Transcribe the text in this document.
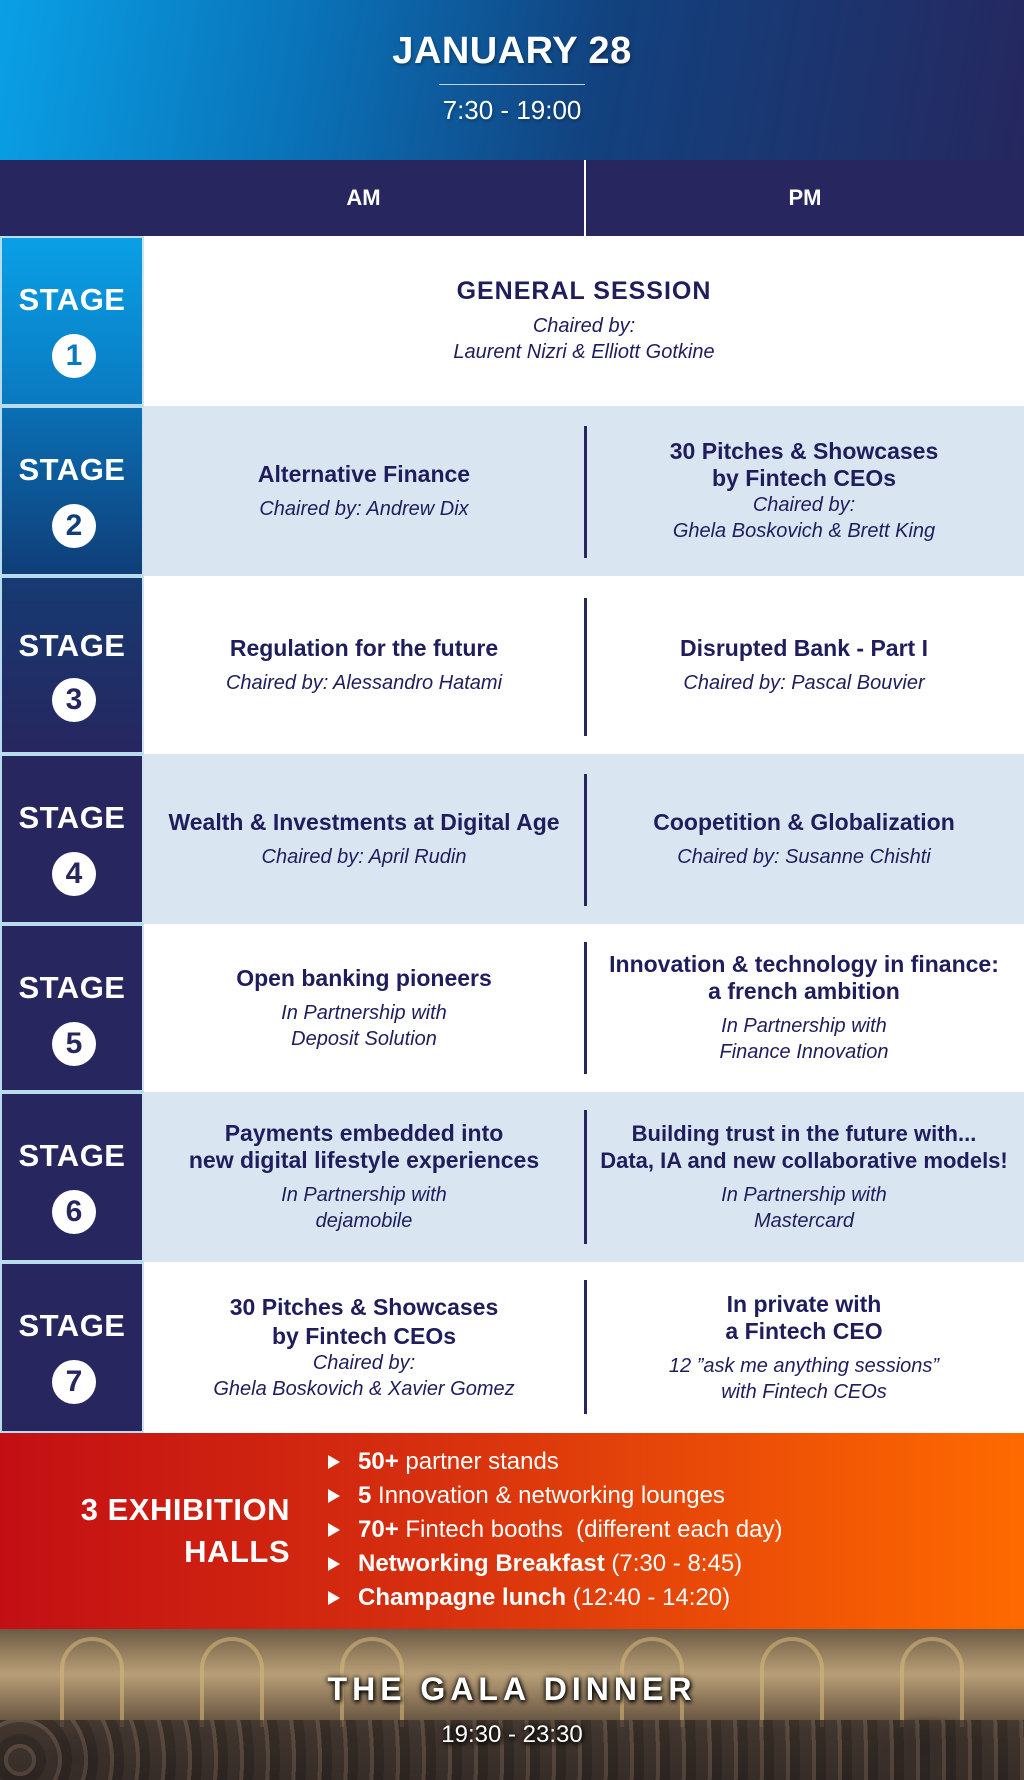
JANUARY 28
7:30 - 19:00
AM	PM
STAGE
1
GENERAL SESSION
Chaired by:
Laurent Nizri & Elliott Gotkine
STAGE
2
Alternative Finance
Chaired by: Andrew Dix
30 Pitches & Showcases
by Fintech CEOs
Chaired by:
Ghela Boskovich & Brett King
STAGE
3
Regulation for the future
Chaired by: Alessandro Hatami
Disrupted Bank - Part I
Chaired by: Pascal Bouvier
STAGE
4
Wealth & Investments at Digital Age
Chaired by: April Rudin
Coopetition & Globalization
Chaired by: Susanne Chishti
STAGE
5
Open banking pioneers
In Partnership with
Deposit Solution
Innovation & technology in finance:
a french ambition
In Partnership with
Finance Innovation
STAGE
6
Payments embedded into
new digital lifestyle experiences
In Partnership with
dejamobile
Building trust in the future with...
Data, IA and new collaborative models!
In Partnership with
Mastercard
STAGE
7
30 Pitches & Showcases
by Fintech CEOs
Chaired by:
Ghela Boskovich & Xavier Gomez
In private with
a Fintech CEO
12 ”ask me anything sessions”
with Fintech CEOs
3 EXHIBITION
HALLS
50+ partner stands
5 Innovation & networking lounges
70+ Fintech booths  (different each day)
Networking Breakfast (7:30 - 8:45)
Champagne lunch (12:40 - 14:20)
THE GALA DINNER
19:30 - 23:30
